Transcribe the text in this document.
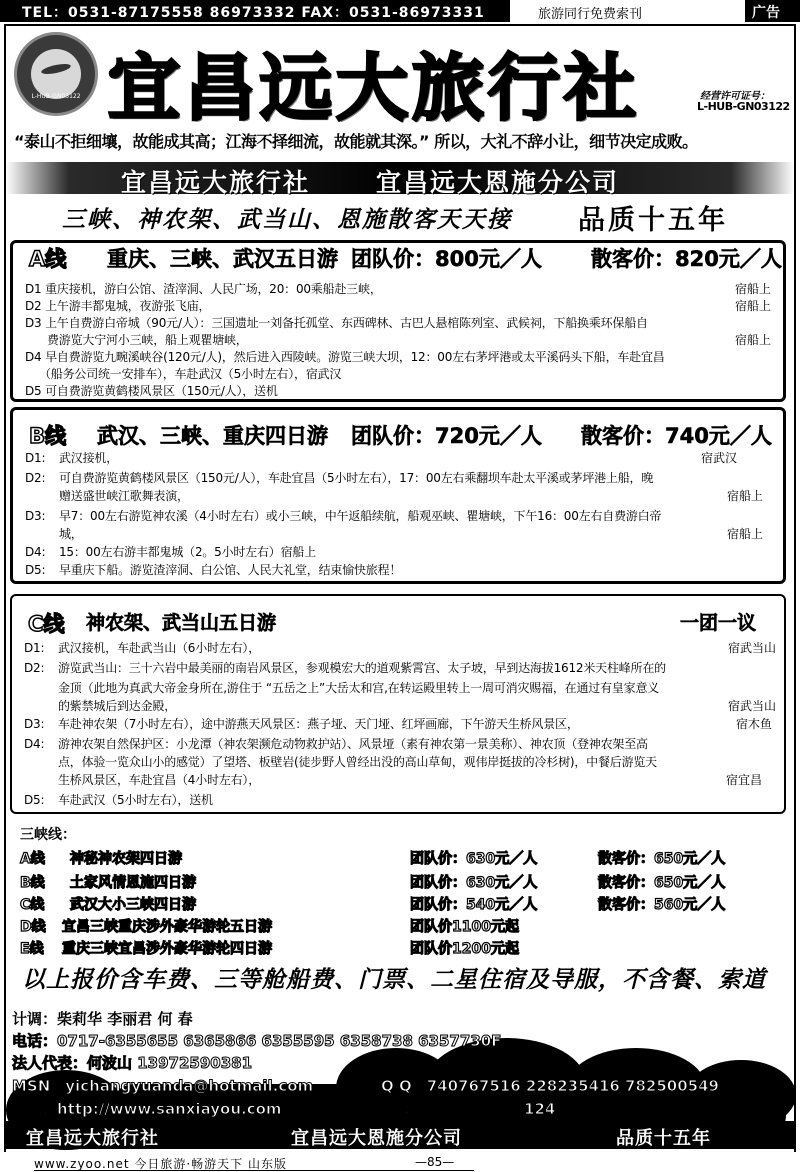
TEL：0531-87175558 86973332 FAX：0531-86973331	旅游同行免费索刊	广告
L-HUB-GN03122 宜昌远大旅行社	经营许可证号：
L-HUB-GN03122
“泰山不拒细壤，故能成其高；江海不择细流，故能就其深。” 所以，大礼不辞小让，细节决定成败。
宜昌远大旅行社	宜昌远大恩施分公司
三峡、神农架、武当山、恩施散客天天接 品质十五年
A线 重庆、三峡、武汉五日游 团队价：800元／人 散客价：820元／人
D1 重庆接机，游白公馆、渣滓洞、人民广场，20：00乘船赴三峡，	宿船上
D2 上午游丰都鬼城，夜游张飞庙，	宿船上
D3 上午自费游白帝城（90元/人）：三国遗址一刘备托孤堂、东西碑林、古巴人悬棺陈列室、武候祠，下船换乘环保船自
费游览大宁河小三峡，船上观瞿塘峡，	宿船上
D4 早自费游览九畹溪峡谷(120元/人)，然后进入西陵峡。游览三峡大坝，12：00左右茅坪港或太平溪码头下船，车赴宜昌
（船务公司统一安排车），车赴武汉（5小时左右），宿武汉
D5 可自费游览黄鹤楼风景区（150元/人），送机
B线 武汉、三峡、重庆四日游 团队价：720元／人 散客价：740元／人
D1: 武汉接机，	宿武汉
D2: 可自费游览黄鹤楼风景区（150元/人），车赴宜昌（5小时左右），17：00左右乘翻坝车赴太平溪或茅坪港上船，晚
赠送盛世峡江歌舞表演，	宿船上
D3: 早7：00左右游览神农溪（4小时左右）或小三峡，中午返船续航，船观巫峡、瞿塘峡，下午16：00左右自费游白帝
城，	宿船上
D4: 15：00左右游丰都鬼城（2。5小时左右）宿船上
D5: 早重庆下船。游览渣滓洞、白公馆、人民大礼堂，结束愉快旅程！
C线 神农架、武当山五日游	一团一议
D1: 武汉接机，车赴武当山（6小时左右），	宿武当山
D2: 游览武当山：三十六岩中最美丽的南岩风景区，参观模宏大的道观紫霄宫、太子坡，早到达海拔1612米天柱峰所在的
金顶（此地为真武大帝金身所在,游住于 “五岳之上”大岳太和宫,在转运殿里转上一周可消灾赐福，在通过有皇家意义
的紫禁城后到达金殿，	宿武当山
D3: 车赴神农架（7小时左右），途中游燕天风景区：燕子垭、天门垭、红坪画廊，下午游天生桥风景区，	宿木鱼
D4: 游神农架自然保护区：小龙潭（神农架濒危动物救护站）、风景垭（素有神农第一景美称）、神农顶（登神农架至高
点，体验一览众山小的感觉）了望塔、板壁岩(徒步野人曾经出没的高山草甸，观伟岸挺拔的冷杉树)，中餐后游览天
生桥风景区，车赴宜昌（4小时左右），	宿宜昌
D5: 车赴武汉（5小时左右），送机
三峡线：
A线 神秘神农架四日游	团队价：630元／人	散客价：650元／人
B线 土家风情恩施四日游	团队价：630元／人	散客价：650元／人
C线 武汉大小三峡四日游	团队价：540元／人	散客价：560元／人
D线 宜昌三峡重庆涉外豪华游轮五日游	团队价1100元起
E线 重庆三峡宜昌涉外豪华游轮四日游	团队价1200元起
以上报价含车费、三等舱船费、门票、二星住宿及导服，不含餐、索道
计调：柴莉华 李丽君 何 春
电话：0717-6355655 6365866 6355595 6358738 6357730F
法人代表：何波山 13972590381
MSN：yichangyuanda@hotmail.com	Q Q：740767516 228235416 782500549
网址：http://www.sanxiayou.com	地址：宜昌市沿江大道124号
宜昌远大旅行社	宜昌远大恩施分公司	品质十五年
www.zyoo.net 今日旅游·畅游天下 山东版	—85—
